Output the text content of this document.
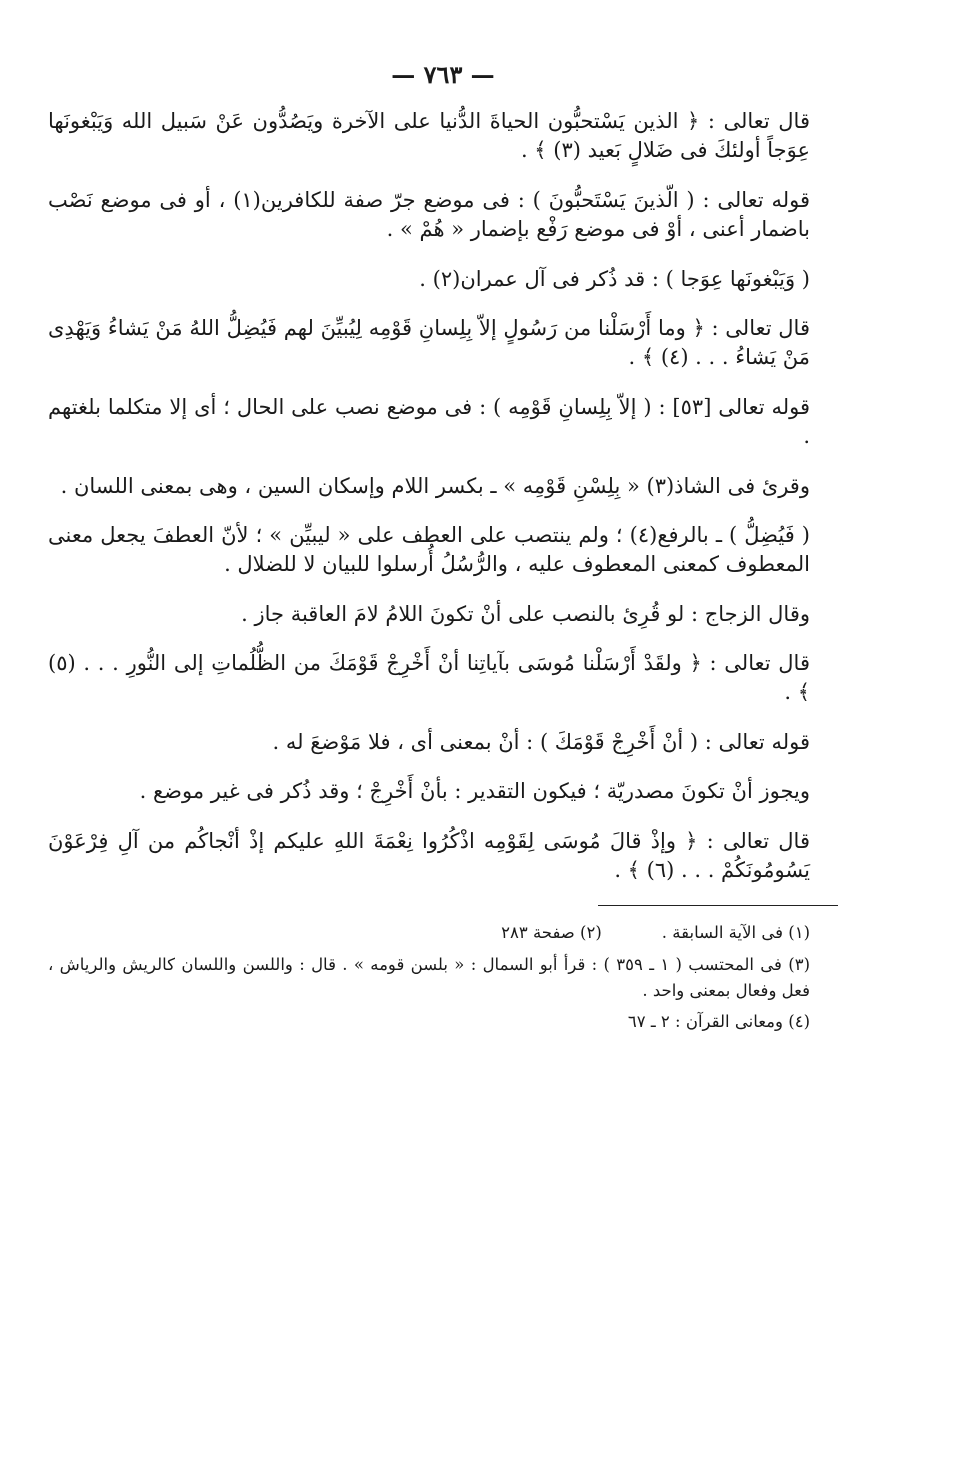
— ٧٦٣ —

قال تعالى : ﴿ الذين يَسْتحبُّون الحياةَ الدُّنيا على الآخرة ويَصُدُّون عَنْ سَبيل الله وَيَبْغونَها عِوَجاً أولئكَ فى ضَلالٍ بَعيد (٣) ﴾ .

قوله تعالى : ( الّذينَ يَسْتَحبُّونَ ) : فى موضع جرّ صفة للكافرين(١) ، أو فى موضع نَصْب باضمار أعنى ، أوْ فى موضع رَفْع بإضمار « هُمْ » .

( وَيَبْغونَها عِوَجا ) : قد ذُكر فى آل عمران(٢) .

قال تعالى : ﴿ وما أَرْسَلْنا من رَسُولٍ إلاّ بِلِسانِ قَوْمِه لِيُبيِّنَ لهم فَيُضِلُّ اللهُ مَنْ يَشاءُ وَيَهْدِى مَنْ يَشاءُ . . . (٤) ﴾ .

قوله تعالى [٥٣] : ( إلاّ بِلِسانِ قَوْمِه ) : فى موضع نصب على الحال ؛ أى إلا متكلما بلغتهم .

وقرئ فى الشاذ(٣) « بِلِسْنِ قَوْمِه » ـ بكسر اللام وإسكان السين ، وهى بمعنى اللسان .

( فَيُضِلُّ ) ـ بالرفع(٤) ؛ ولم ينتصب على العطف على « ليبيِّن » ؛ لأنّ العطفَ يجعل معنى المعطوف كمعنى المعطوف عليه ، والرُّسُلُ أُرسلوا للبيان لا للضلال .

وقال الزجاج : لو قُرِئ بالنصب على أنْ تكونَ اللامُ لامَ العاقبة جاز .

قال تعالى : ﴿ ولقَدْ أَرْسَلْنا مُوسَى بآياتِنا أنْ أَخْرِجْ قَوْمَكَ من الظُّلُماتِ إلى النُّورِ . . . (٥) ﴾ .

قوله تعالى : ( أنْ أَخْرِجْ قَوْمَكَ ) : أنْ بمعنى أى ، فلا مَوْضعَ له .

ويجوز أنْ تكونَ مصدريّة ؛ فيكون التقدير : بأنْ أَخْرِجْ ؛ وقد ذُكر فى غير موضع .

قال تعالى : ﴿ وإذْ قالَ مُوسَى لِقَوْمِه اذْكُرُوا نِعْمَةَ اللهِ عليكم إذْ أنْجاكُم من آلِ فِرْعَوْنَ يَسُومُونَكُمْ . . . (٦) ﴾ .

(١) فى الآية السابقة .
(٢) صفحة ٢٨٣

(٣) فى المحتسب ( ١ ـ ٣٥٩ ) : قرأ أبو السمال : « بلسن قومه » . قال : واللسن واللسان كالريش والرياش ، فعل وفعال بمعنى واحد .

(٤) ومعانى القرآن : ٢ ـ ٦٧
